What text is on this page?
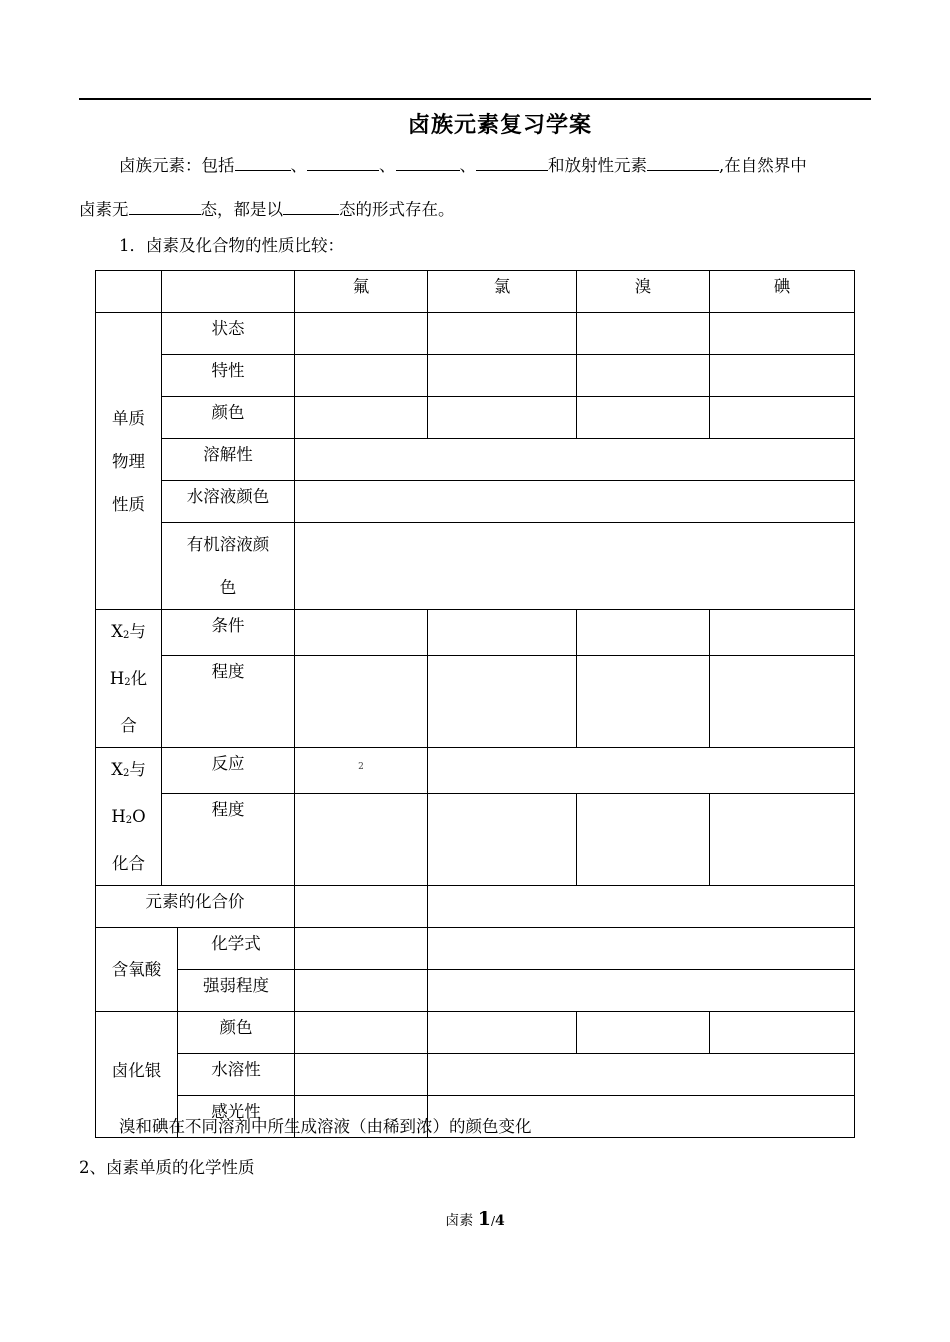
卤族元素复习学案
卤族元素：包括	、	、	、	和放射性元素	,在自然界中
卤素无	态，都是以	态的形式存在。
1．卤素及化合物的性质比较：

			氟	氯	溴	碘

单质
物理
性质	状态					

	特性					

	颜色					

	溶解性					

	水溶液颜色					

	有机溶液颜
色					

$X_2$与
$H_2$化
合	条件					

	程度					

$X_2$与
$H_2O$
化合	反应		2			

	程度					

元素的化合价						

含氧酸		化学式				

		强弱程度				

卤化银		颜色				

		水溶性				

		感光性				

溴和碘在不同溶剂中所生成溶液（由稀到浓）的颜色变化
2、卤素单质的化学性质
卤素 1/4
